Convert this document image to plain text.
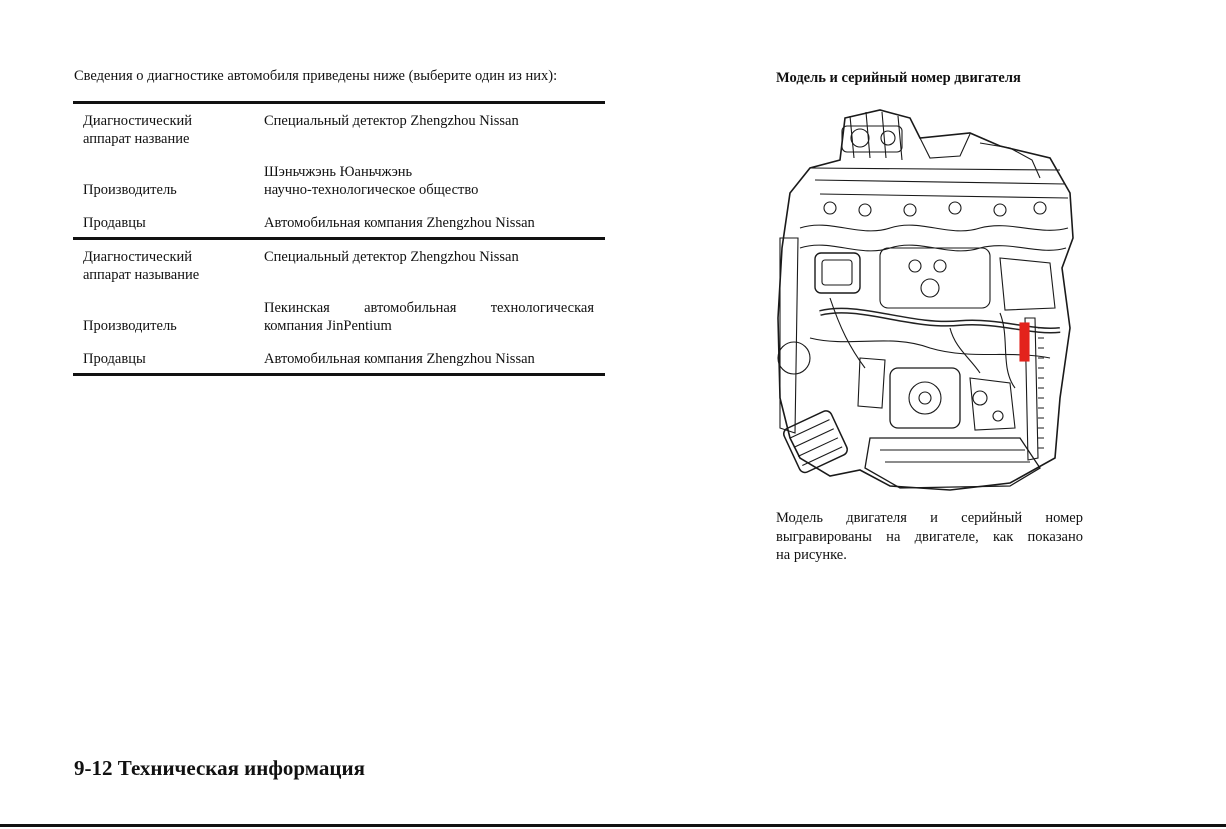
Сведения о диагностике автомобиля приведены ниже (выберите один из них):
Диагностический
аппарат название
Специальный детектор Zhengzhou Nissan
Производитель
Шэньчжэнь Юаньчжэнь
научно-технологическое общество
Продавцы	Автомобильная компания Zhengzhou Nissan
Диагностический
аппарат называние
Специальный детектор Zhengzhou Nissan
Производитель
Пекинская автомобильная технологическая
компания JinPentium
Продавцы	Автомобильная компания Zhengzhou Nissan
Модель и серийный номер двигателя
Модель двигателя и серийный номер
выгравированы на двигателе, как показано
на рисунке.
9-12 Техническая информация
